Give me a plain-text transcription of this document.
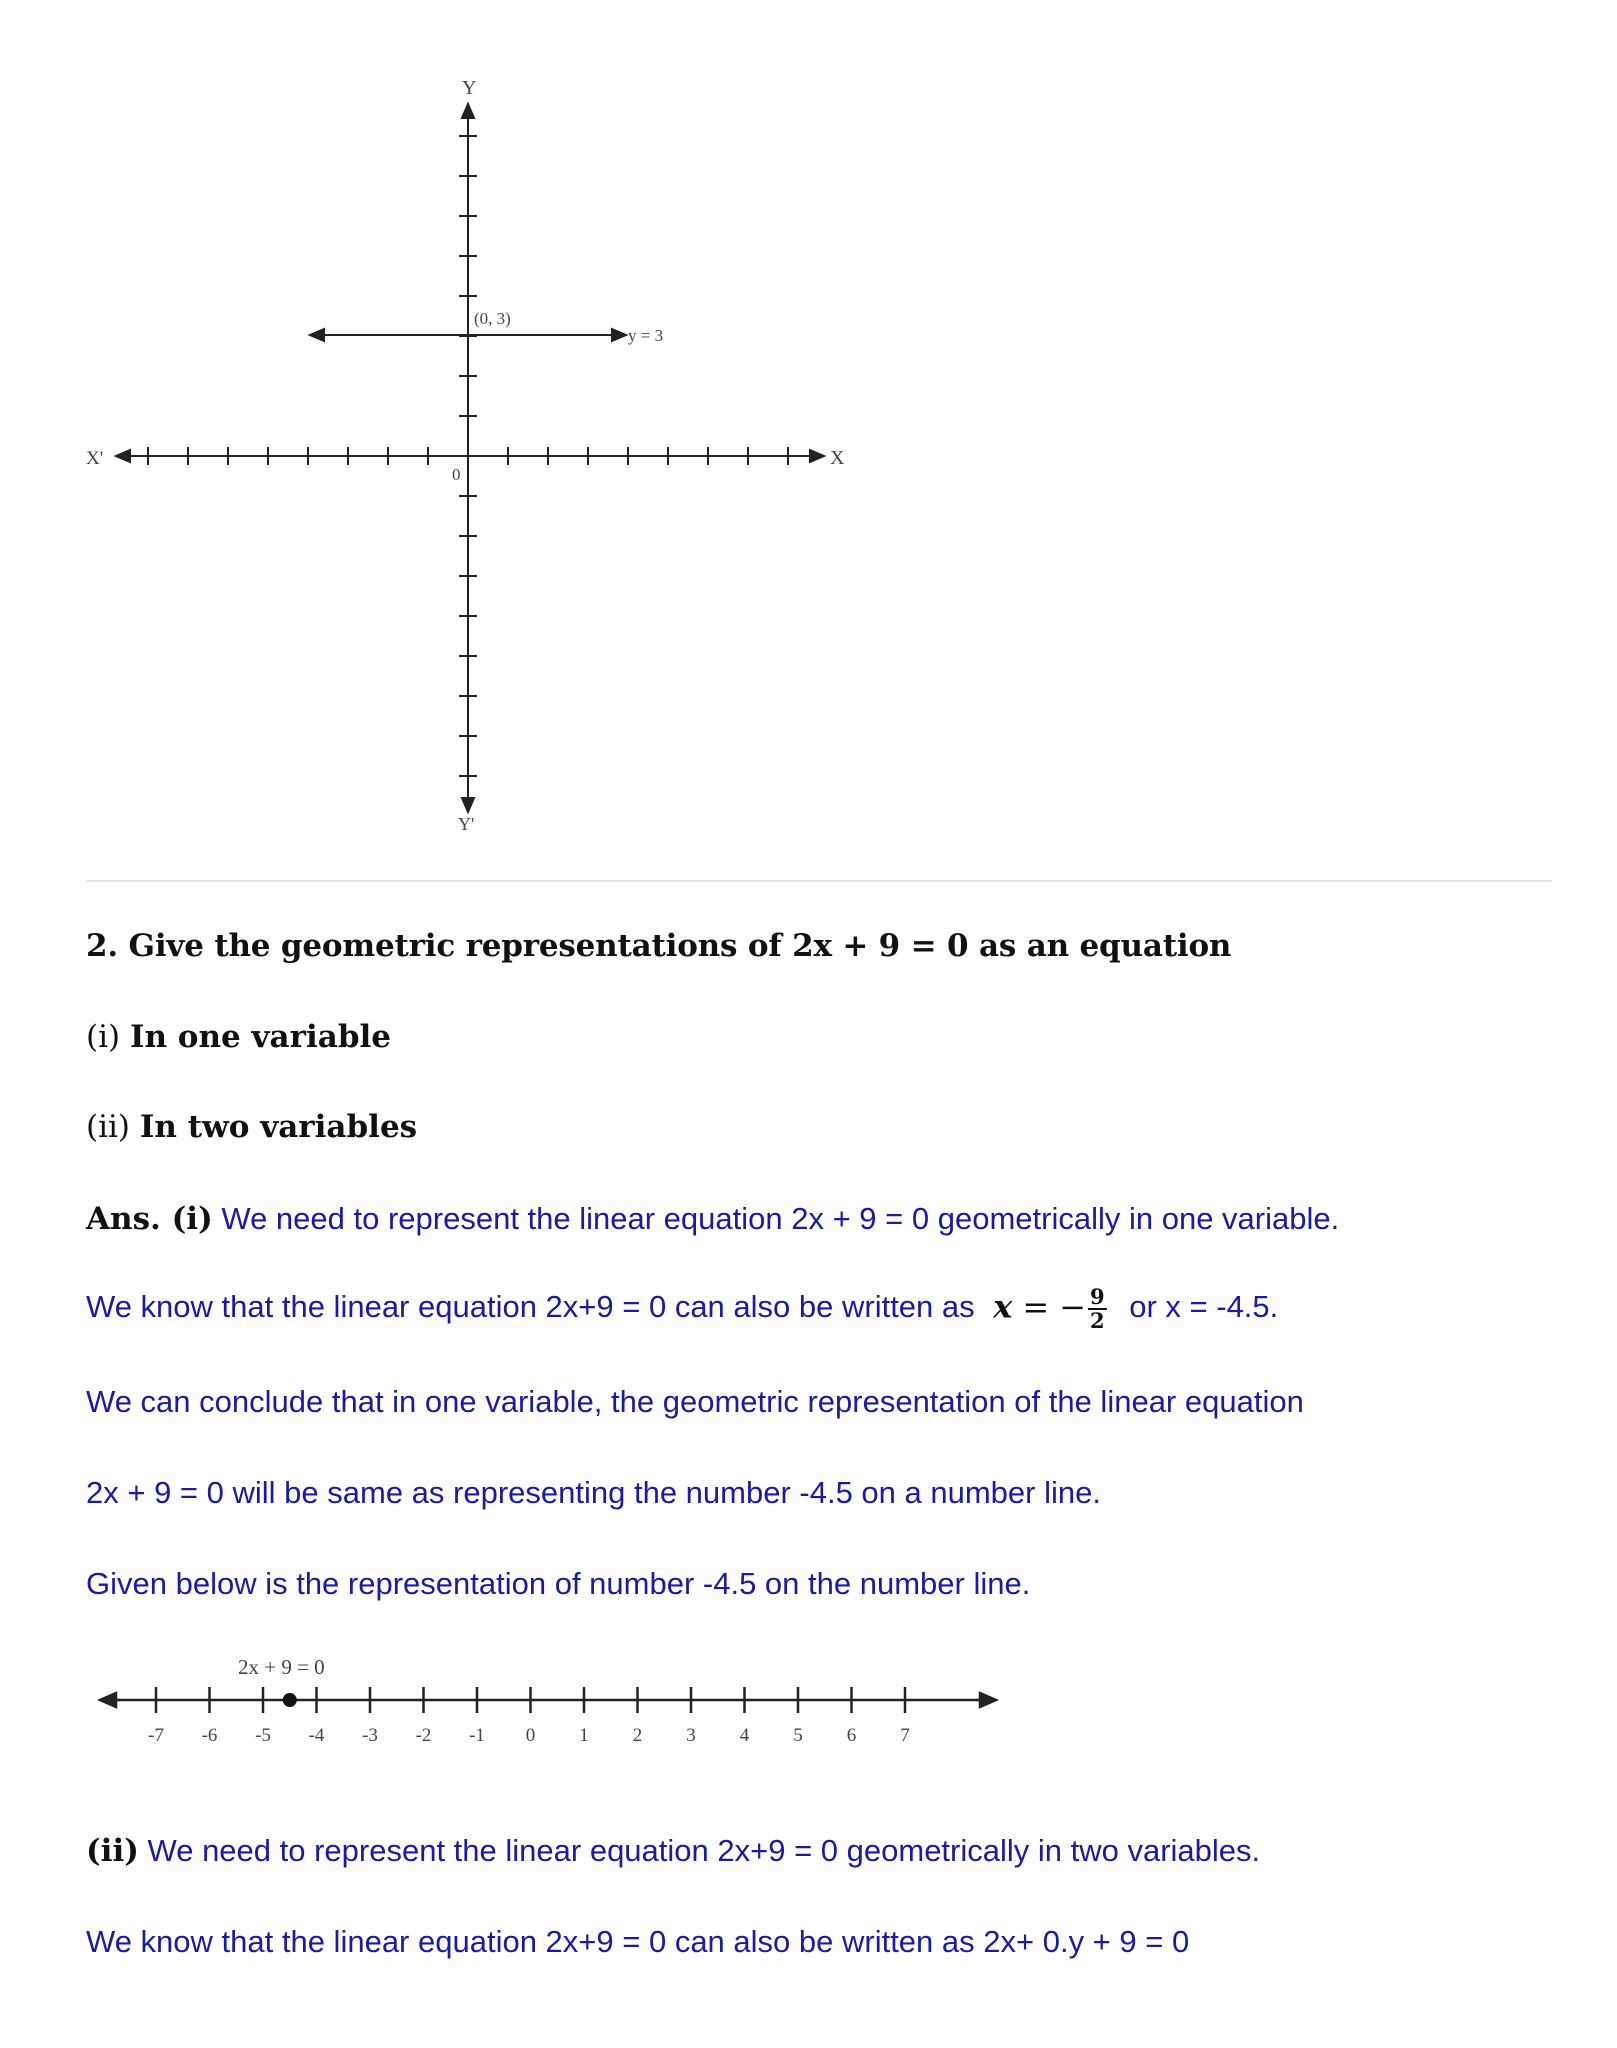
Y
Y'
X
X'
0
(0, 3)
y = 3

2. Give the geometric representations of 2x + 9 = 0 as an equation

(i) In one variable

(ii) In two variables

Ans. (i) We need to represent the linear equation 2x + 9 = 0 geometrically in one variable.

We know that the linear equation 2x+9 = 0 can also be written as x = − $\frac{9}{2}$ or x = -4.5.

We can conclude that in one variable, the geometric representation of the linear equation

2x + 9 = 0 will be same as representing the number -4.5 on a number line.

Given below is the representation of number -4.5 on the number line.

2x + 9 = 0
-7 -6 -5 -4 -3 -2 -1 0 1 2 3 4 5 6 7

(ii) We need to represent the linear equation 2x+9 = 0 geometrically in two variables.

We know that the linear equation 2x+9 = 0 can also be written as 2x+ 0.y + 9 = 0
